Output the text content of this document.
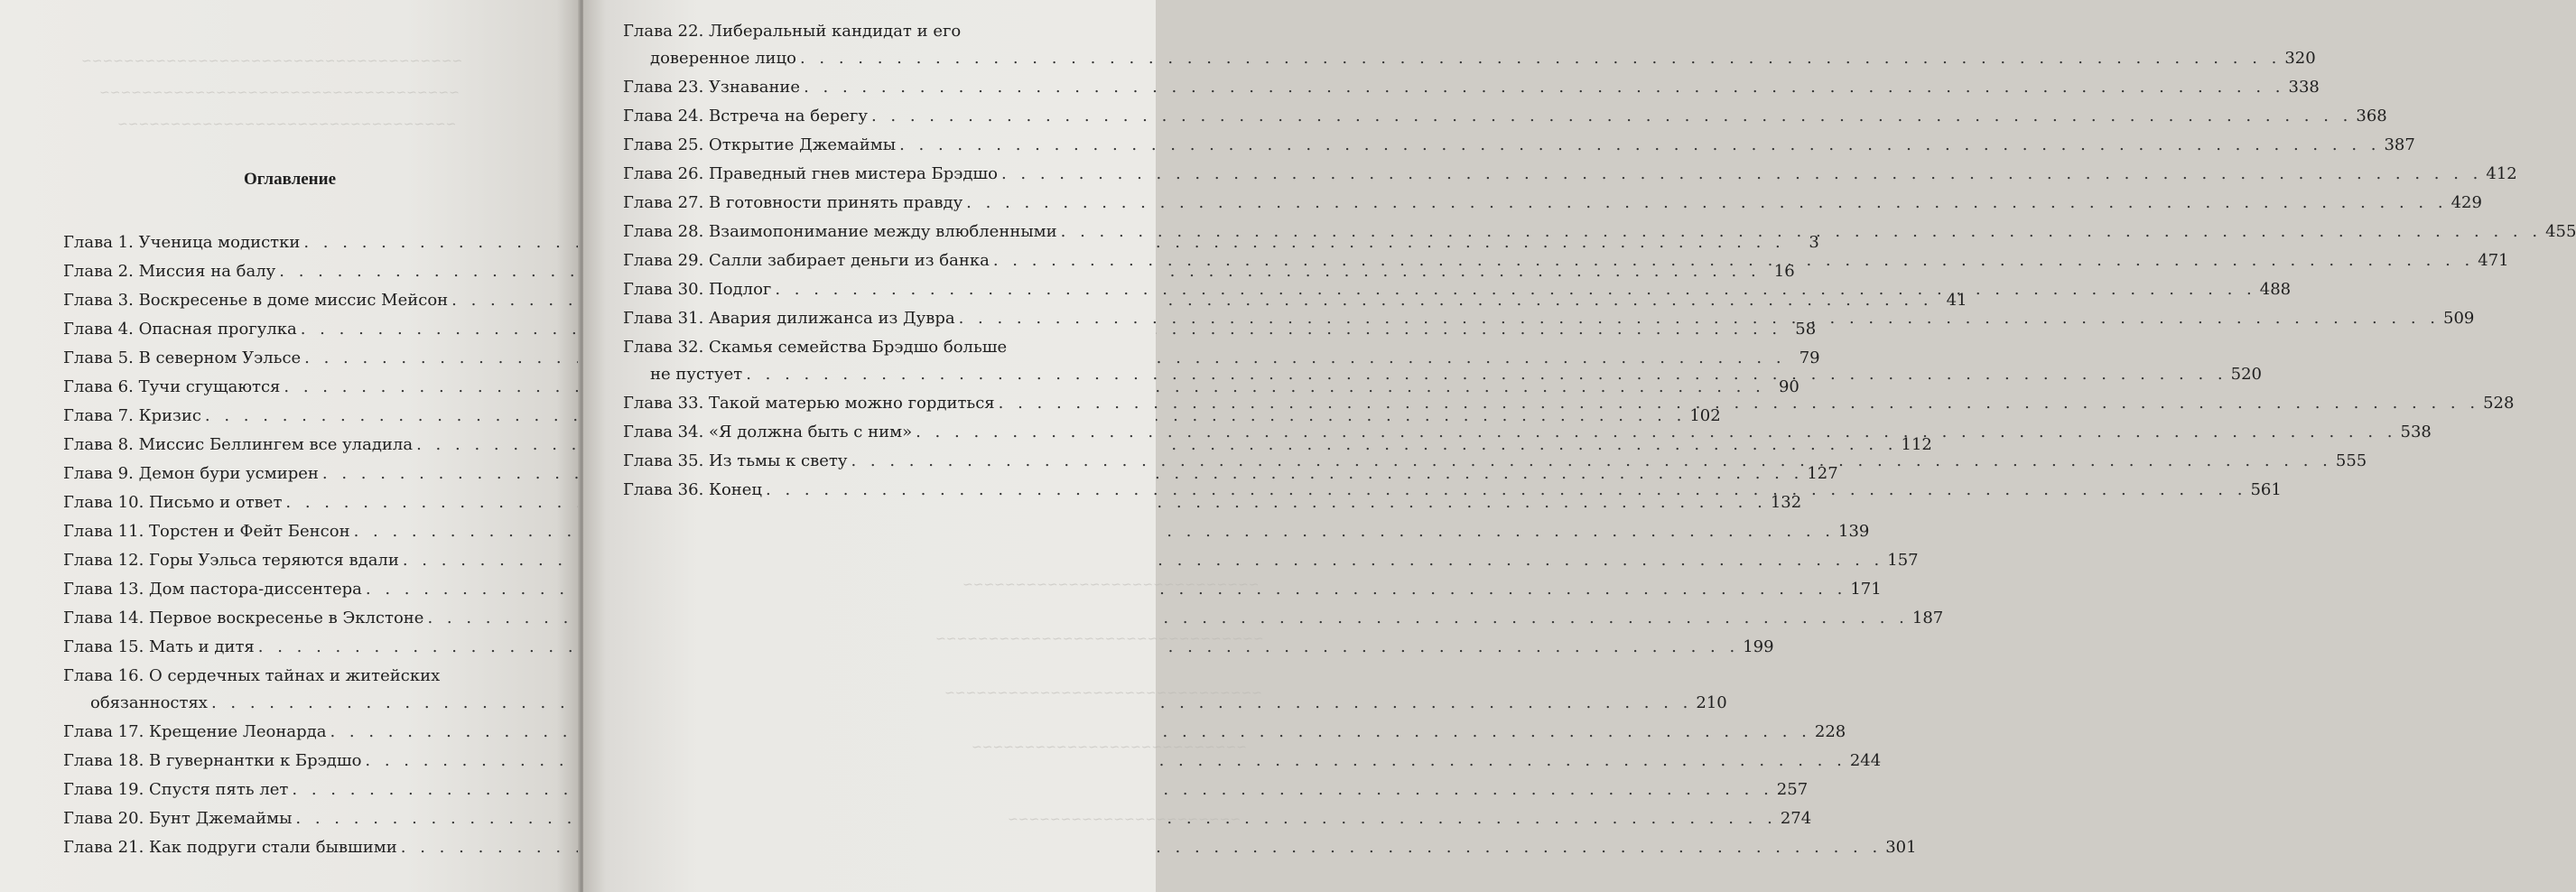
~~~~~~~~~~~~~~~~~~~~~~~~~~~~~~~~~~~~
~~~~~~~~~~~~~~~~~~~~~~~~~~~~~~~~~~
~~~~~~~~~~~~~~~~~~~~~~~~~~~~~~~~
Оглавление
Глава 1. Ученица модистки . . .	3
Глава 2. Миссия на балу . . .	16
Глава 3. Воскресенье в доме миссис Мейсон . . .	41
Глава 4. Опасная прогулка . . .	58
Глава 5. В северном Уэльсе . . .	79
Глава 6. Тучи сгущаются . . .	90
Глава 7. Кризис . . .	102
Глава 8. Миссис Беллингем все уладила . . .	112
Глава 9. Демон бури усмирен . . .	127
Глава 10. Письмо и ответ . . .	132
Глава 11. Торстен и Фейт Бенсон . . .	139
Глава 12. Горы Уэльса теряются вдали . . .	157
Глава 13. Дом пастора-диссентера . . .	171
Глава 14. Первое воскресенье в Эклстоне . . .	187
Глава 15. Мать и дитя . . .	199
Глава 16. О сердечных тайнах и житейских
обязанностях . . .	210
Глава 17. Крещение Леонарда . . .	228
Глава 18. В гувернантки к Брэдшо . . .	244
Глава 19. Спустя пять лет . . .	257
Глава 20. Бунт Джемаймы . . .	274
Глава 21. Как подруги стали бывшими . . .	301
~~~~~~~~~~~~~~~~~~~~~~~~~~~~
~~~~~~~~~~~~~~~~~~~~~~~~~~~~~~~
~~~~~~~~~~~~~~~~~~~~~~~~~~~~~~
~~~~~~~~~~~~~~~~~~~~~~~~~~
~~~~~~~~~~~~~~~~~~~~~~
Глава 22. Либеральный кандидат и его
доверенное лицо . . .	320
Глава 23. Узнавание . . .	338
Глава 24. Встреча на берегу . . .	368
Глава 25. Открытие Джемаймы . . .	387
Глава 26. Праведный гнев мистера Брэдшо . . .	412
Глава 27. В готовности принять правду . . .	429
Глава 28. Взаимопонимание между влюбленными . . .	455
Глава 29. Салли забирает деньги из банка . . .	471
Глава 30. Подлог . . .	488
Глава 31. Авария дилижанса из Дувра . . .	509
Глава 32. Скамья семейства Брэдшо больше
не пустует . . .	520
Глава 33. Такой матерью можно гордиться . . .	528
Глава 34. «Я должна быть с ним» . . .	538
Глава 35. Из тьмы к свету . . .	555
Глава 36. Конец . . .	561
